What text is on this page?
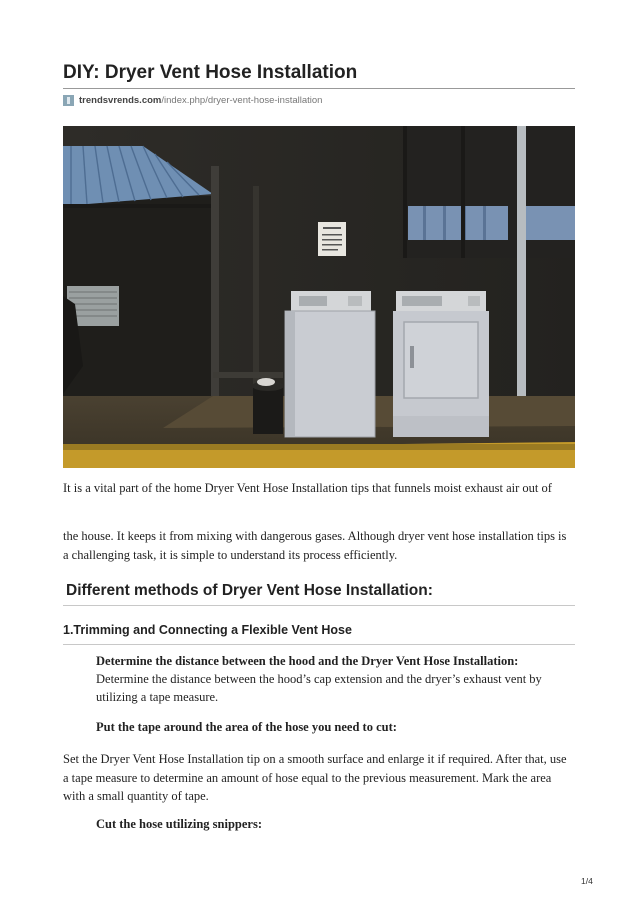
DIY: Dryer Vent Hose Installation
trendsvrends.com/index.php/dryer-vent-hose-installation

It is a vital part of the home Dryer Vent Hose Installation tips that funnels moist exhaust air out of

the house. It keeps it from mixing with dangerous gases. Although dryer vent hose installation tips is a challenging task, it is simple to understand its process efficiently.

Different methods of Dryer Vent Hose Installation:
1.Trimming and Connecting a Flexible Vent Hose

Determine the distance between the hood and the Dryer Vent Hose Installation: Determine the distance between the hood’s cap extension and the dryer’s exhaust vent by utilizing a tape measure.

Put the tape around the area of the hose you need to cut:

Set the Dryer Vent Hose Installation tip on a smooth surface and enlarge it if required. After that, use a tape measure to determine an amount of hose equal to the previous measurement. Mark the area with a small quantity of tape.

Cut the hose utilizing snippers:

1/4
